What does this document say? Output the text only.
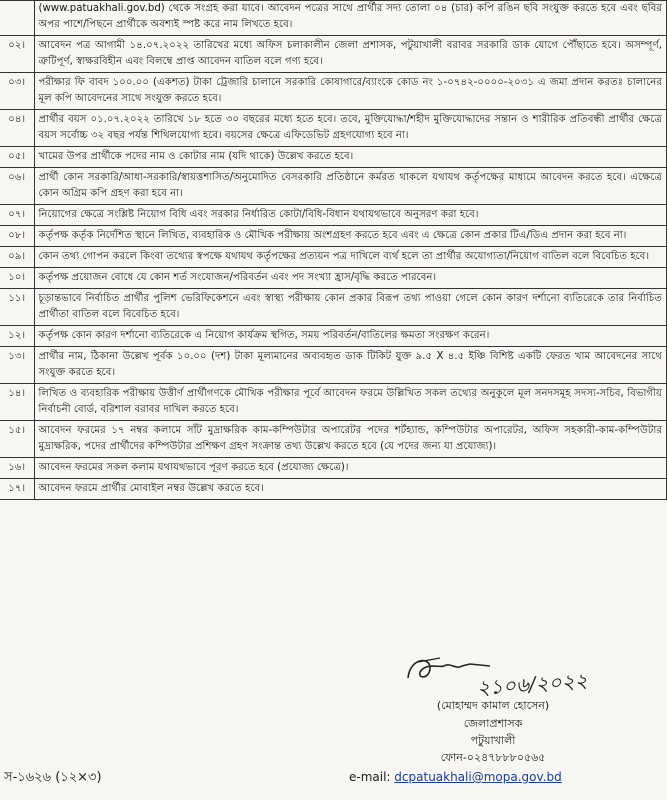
	(www.patuakhali.gov.bd) থেকে সংগ্রহ করা যাবে। আবেদন পত্রের সাথে প্রার্থীর সদ্য তোলা ০৪ (চার) কপি রঙিন ছবি সংযুক্ত করতে হবে এবং ছবির অপর পাশে/পিছনে প্রার্থীকে অবশ্যই স্পষ্ট করে নাম লিখতে হবে।

০২।	আবেদন পত্র আগামী ১৪.০৭.২০২২ তারিখের মধ্যে অফিস চলাকালীন জেলা প্রশাসক, পটুয়াখালী বরাবর সরকারি ডাক যোগে পৌঁছাতে হবে। অসম্পূর্ণ, ত্রুটিপূর্ণ, স্বাক্ষরবিহীন এবং বিলম্বে প্রাপ্ত আবেদন বাতিল বলে গণ্য হবে।
০৩।	পরীক্ষার ফি বাবদ ১০০.০০ (একশত) টাকা ট্রেজারি চালানে সরকারি কোষাগারে/ব্যাংকে কোড নং ১-০৭৪২-০০০০-২০৩১ এ জমা প্রদান করতঃ চালানের মূল কপি আবেদনের সাথে সংযুক্ত করতে হবে।
০৪।	প্রার্থীর বয়স ০১.০৭.২০২২ তারিখে ১৮ হতে ৩০ বছরের মধ্যে হতে হবে। তবে, মুক্তিযোদ্ধা/শহীদ মুক্তিযোদ্ধাদের সন্তান ও শারীরিক প্রতিবন্ধী প্রার্থীর ক্ষেত্রে বয়স সর্বোচ্চ ৩২ বছর পর্যন্ত শিথিলযোগ্য হবে। বয়সের ক্ষেত্রে এফিডেভিট গ্রহণযোগ্য হবে না।
০৫।	খামের উপর প্রার্থীকে পদের নাম ও কোটার নাম (যদি থাকে) উল্লেখ করতে হবে।
০৬।	প্রার্থী কোন সরকারি/আধা-সরকারি/স্বায়ত্তশাসিত/অনুমোদিত বেসরকারি প্রতিষ্ঠানে কর্মরত থাকলে যথাযথ কর্তৃপক্ষের মাধ্যমে আবেদন করতে হবে। এক্ষেত্রে কোন অগ্রিম কপি গ্রহণ করা হবে না।
০৭।	নিয়োগের ক্ষেত্রে সংশ্লিষ্ট নিয়োগ বিধি এবং সরকার নির্ধারিত কোটা/বিধি-বিধান যথাযথভাবে অনুসরণ করা হবে।
০৮।	কর্তৃপক্ষ কর্তৃক নির্দেশিত স্থানে লিখিত, ব্যবহারিক ও মৌখিক পরীক্ষায় অংশগ্রহণ করতে হবে এবং এ ক্ষেত্রে কোন প্রকার টিএ/ডিএ প্রদান করা হবে না।
০৯।	কোন তথ্য গোপন করলে কিংবা তথ্যের স্বপক্ষে যথাযথ কর্তৃপক্ষের প্রত্যয়ন পত্র দাখিলে ব্যর্থ হলে তা প্রার্থীর অযোগ্যতা/নিয়োগ বাতিল বলে বিবেচিত হবে।
১০।	কর্তৃপক্ষ প্রয়োজন বোধে যে কোন শর্ত সংযোজন/পরিবর্তন এবং পদ সংখ্যা হ্রাস/বৃদ্ধি করতে পারবেন।
১১।	চূড়ান্তভাবে নির্বাচিত প্রার্থীর পুলিশ ভেরিফিকেশনে এবং স্বাস্থ্য পরীক্ষায় কোন প্রকার বিরূপ তথ্য পাওয়া গেলে কোন কারণ দর্শানো ব্যতিরেকে তার নির্বাচিত প্রার্থীতা বাতিল বলে বিবেচিত হবে।
১২।	কর্তৃপক্ষ কোন কারণ দর্শানো ব্যতিরেকে এ নিয়োগ কার্যক্রম স্থগিত, সময় পরিবর্তন/বাতিলের ক্ষমতা সংরক্ষণ করেন।
১৩।	প্রার্থীর নাম, ঠিকানা উল্লেখ পূর্বক ১০.০০ (দশ) টাকা মূল্যমানের অব্যবহৃত ডাক টিকিট যুক্ত ৯.৫ X ৪.৫ ইঞ্চি বিশিষ্ট একটি ফেরত খাম আবেদনের সাথে সংযুক্ত করতে হবে।
১৪।	লিখিত ও ব্যবহারিক পরীক্ষায় উত্তীর্ণ প্রার্থীগণকে মৌখিক পরীক্ষার পূর্বে আবেদন ফরমে উল্লিখিত সকল তথ্যের অনুকূলে মূল সনদসমূহ সদস্য-সচিব, বিভাগীয় নির্বাচনী বোর্ড, বরিশাল বরাবর দাখিল করতে হবে।
১৫।	আবেদন ফরমের ১৭ নম্বর কলামে সাঁট মুদ্রাক্ষরিক কাম-কম্পিউটার অপারেটর পদের শর্টহ্যান্ড, কম্পিউটার অপারেটর, অফিস সহকারী-কাম-কম্পিউটার মুদ্রাক্ষরিক, পদের প্রার্থীদের কম্পিউটার প্রশিক্ষণ গ্রহণ সংক্রান্ত তথ্য উল্লেখ করতে হবে (যে পদের জন্য যা প্রযোজ্য)।
১৬।	আবেদন ফরমের সকল কলাম যথাযথভাবে পূরণ করতে হবে (প্রযোজ্য ক্ষেত্রে)।
১৭।	আবেদন ফরমে প্রার্থীর মোবাইল নম্বর উল্লেখ করতে হবে।
২১০৬/২০২২
(মোহাম্মদ কামাল হোসেন)
জেলাপ্রশাসক
পটুয়াখালী
ফোন-০২৪৭৮৮৮০৫৬৫
স-১৬২৬ (১২×৩)	e-mail: dcpatuakhali@mopa.gov.bd
